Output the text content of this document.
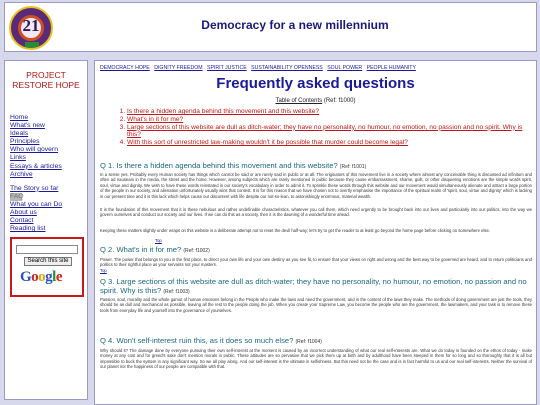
21	Democracy for a new millennium
PROJECT
RESTORE HOPE
Home
What's new
Ideals
Principles
Who will govern
Links
Essays & articles
Archive
The Story so far
FAQ
What you can Do
About us
Contact
Reading list
Search this site
Google
DEMOCRACY HOPE DIGNITY FREEDOM SPIRIT JUSTICE SUSTAINABILITY OPENNESS SOUL POWER PEOPLE HUMANITY
Frequently asked questions
Table of Contents (Ref: f1000)
1. Is there a hidden agenda behind this movement and this website?
2. What's in it for me?
3. Large sections of this website are dull as ditch-water; they have no personality, no humour, no emotion, no passion and no spirit. Why is this?
4. With this sort of unrestricted law-making wouldn't it be possible that murder could become legal?
Q 1. Is there a hidden agenda behind this movement and this website? (Ref: f1001)
In a sense yes. Probably every Human society has things which cannot be said or are rarely said in public or at all. The originators of this movement live in a society where almost any conceivable thing is discussed ad infinitum and often ad nauseam in the media, the street and the home. However, among subjects which are rarely mentioned in public because they cause embarrassment, shame, guilt, or other disquieting emotions are the simple words spirit, soul, virtue and dignity. We wish to have these words reinstated in our society's vocabulary in order to admit it. To sprinkle these words through this website and our movement would simultaneously alienate and attract a large portion of the people in our society, and alienation unfortunately usually wins that contest. It is for this reason that we have chosen not to overtly emphasise the importance of the spiritual realm of 'spirit, soul, virtue and dignity' which is lacking in our present time and it is this lack which helps cause our discontent with life despite our not-so-lean, to astonishingly enormous, material wealth.
It is the foundation of this movement that it is these nebulous and rather undefinable characteristics, whatever you call them, which need urgently to be brought back into our lives and particularly into our politics, into the way we govern ourselves and conduct our society and our lives. If we can do this as a society, then it is the dawning of a wonderful time ahead.
Keeping these matters slightly under wraps on this website is a deliberate attempt not to reset the devil half-way; let's try to get the reader to at least go beyond the home page before clicking on somewhere else.
Top
Q 2. What's in it for me? (Ref: f1002)
Power. The power that belongs to you in the first place, to direct your own life and your own destiny as you see fit, to ensure that your views on right and wrong and the best way to be governed are heard, and to return politicians and politics to their rightful place as your servants not your masters.
Top
Q 3. Large sections of this website are dull as ditch-water; they have no personality, no humour, no emotion, no passion and no spirit. Why is this? (Ref: f1003)
Passion, soul, morality and the whole gamut of human emotions belong in the People who make the laws and need the government, and in the content of the laws they make. The methods of doing government are just the tools, they should be as dull and mechanical as possible, leaving all the rest to the people doing the job. When you create your Supreme Law, you become the people who are the government, the lawmakers, and your task is to remove these tools from everyday life and yourself into the governance of yourselves.
Q 4. Won't self-interest ruin this, as it does so much else? (Ref: f1004)
Why should it? The damage done by everyone pursuing their own self-interest at the moment is caused by an incorrect understanding of what our real self-interests are. What we do today is founded on the ethos of today - make money at any cost and for greed's sake don't mention morals in public. These attitudes are so pervasive that we pick them up at birth and by adulthood have been steeped in them for so long and so thoroughly that it is all but impossible to buck the system in any significant way. So we all play along. And our self-interest is the ultimate in selfishness. But this need not be the case and is in fact harmful to us and our real self-interests. Neither the survival of our planet nor the happiness of our people are compatible with that.
